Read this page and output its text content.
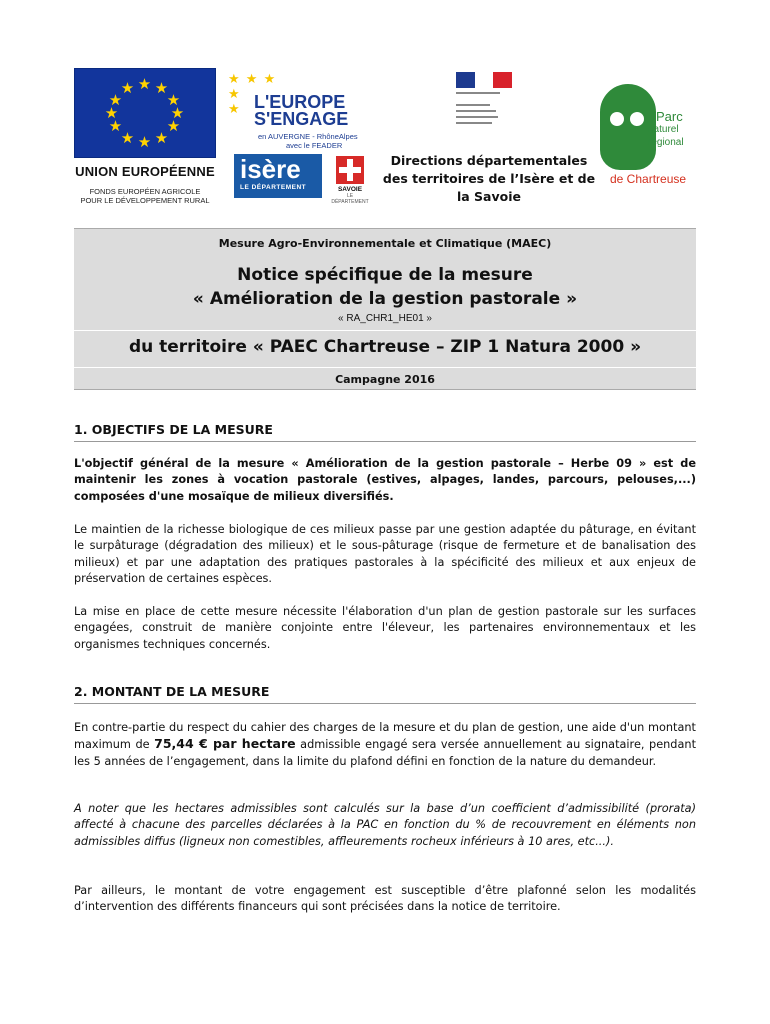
★ ★
★
★
★
★
★
★
★
★
★
★
UNION EUROPÉENNE
FONDS EUROPÉEN AGRICOLE
POUR LE DÉVELOPPEMENT RURAL
★ ★ ★
★
★ L'EUROPE
S'ENGAGE
en AUVERGNE - RhôneAlpes
avec le FEADER
isère
LE DÉPARTEMENT	SAVOIE
LE DÉPARTEMENT
Directions départementales
des territoires de l’Isère et de
la Savoie
Parc
naturel
régional
de Chartreuse
Mesure Agro-Environnementale et Climatique (MAEC)
Notice spécifique de la mesure
« Amélioration de la gestion pastorale »
« RA_CHR1_HE01 »
du territoire « PAEC Chartreuse – ZIP 1 Natura 2000 »
Campagne 2016
1. OBJECTIFS DE LA MESURE
L'objectif général de la mesure « Amélioration de la gestion pastorale – Herbe 09 » est de maintenir les zones à vocation pastorale (estives, alpages, landes, parcours, pelouses,...) composées d'une mosaïque de milieux diversifiés.
Le maintien de la richesse biologique de ces milieux passe par une gestion adaptée du pâturage, en évitant le surpâturage (dégradation des milieux) et le sous-pâturage (risque de fermeture et de banalisation des milieux) et par une adaptation des pratiques pastorales à la spécificité des milieux et aux enjeux de préservation de certaines espèces.
La mise en place de cette mesure nécessite l'élaboration d'un plan de gestion pastorale sur les surfaces engagées, construit de manière conjointe entre l'éleveur, les partenaires environnementaux et les organismes techniques concernés.
2. MONTANT DE LA MESURE
En contre-partie du respect du cahier des charges de la mesure et du plan de gestion, une aide d'un montant maximum de 75,44 € par hectare admissible engagé sera versée annuellement au signataire, pendant les 5 années de l’engagement, dans la limite du plafond défini en fonction de la nature du demandeur.
A noter que les hectares admissibles sont calculés sur la base d’un coefficient d’admissibilité (prorata) affecté à chacune des parcelles déclarées à la PAC en fonction du % de recouvrement en éléments non admissibles diffus (ligneux non comestibles, affleurements rocheux inférieurs à 10 ares, etc...).
Par ailleurs, le montant de votre engagement est susceptible d’être plafonné selon les modalités d’intervention des différents financeurs qui sont précisées dans la notice de territoire.
